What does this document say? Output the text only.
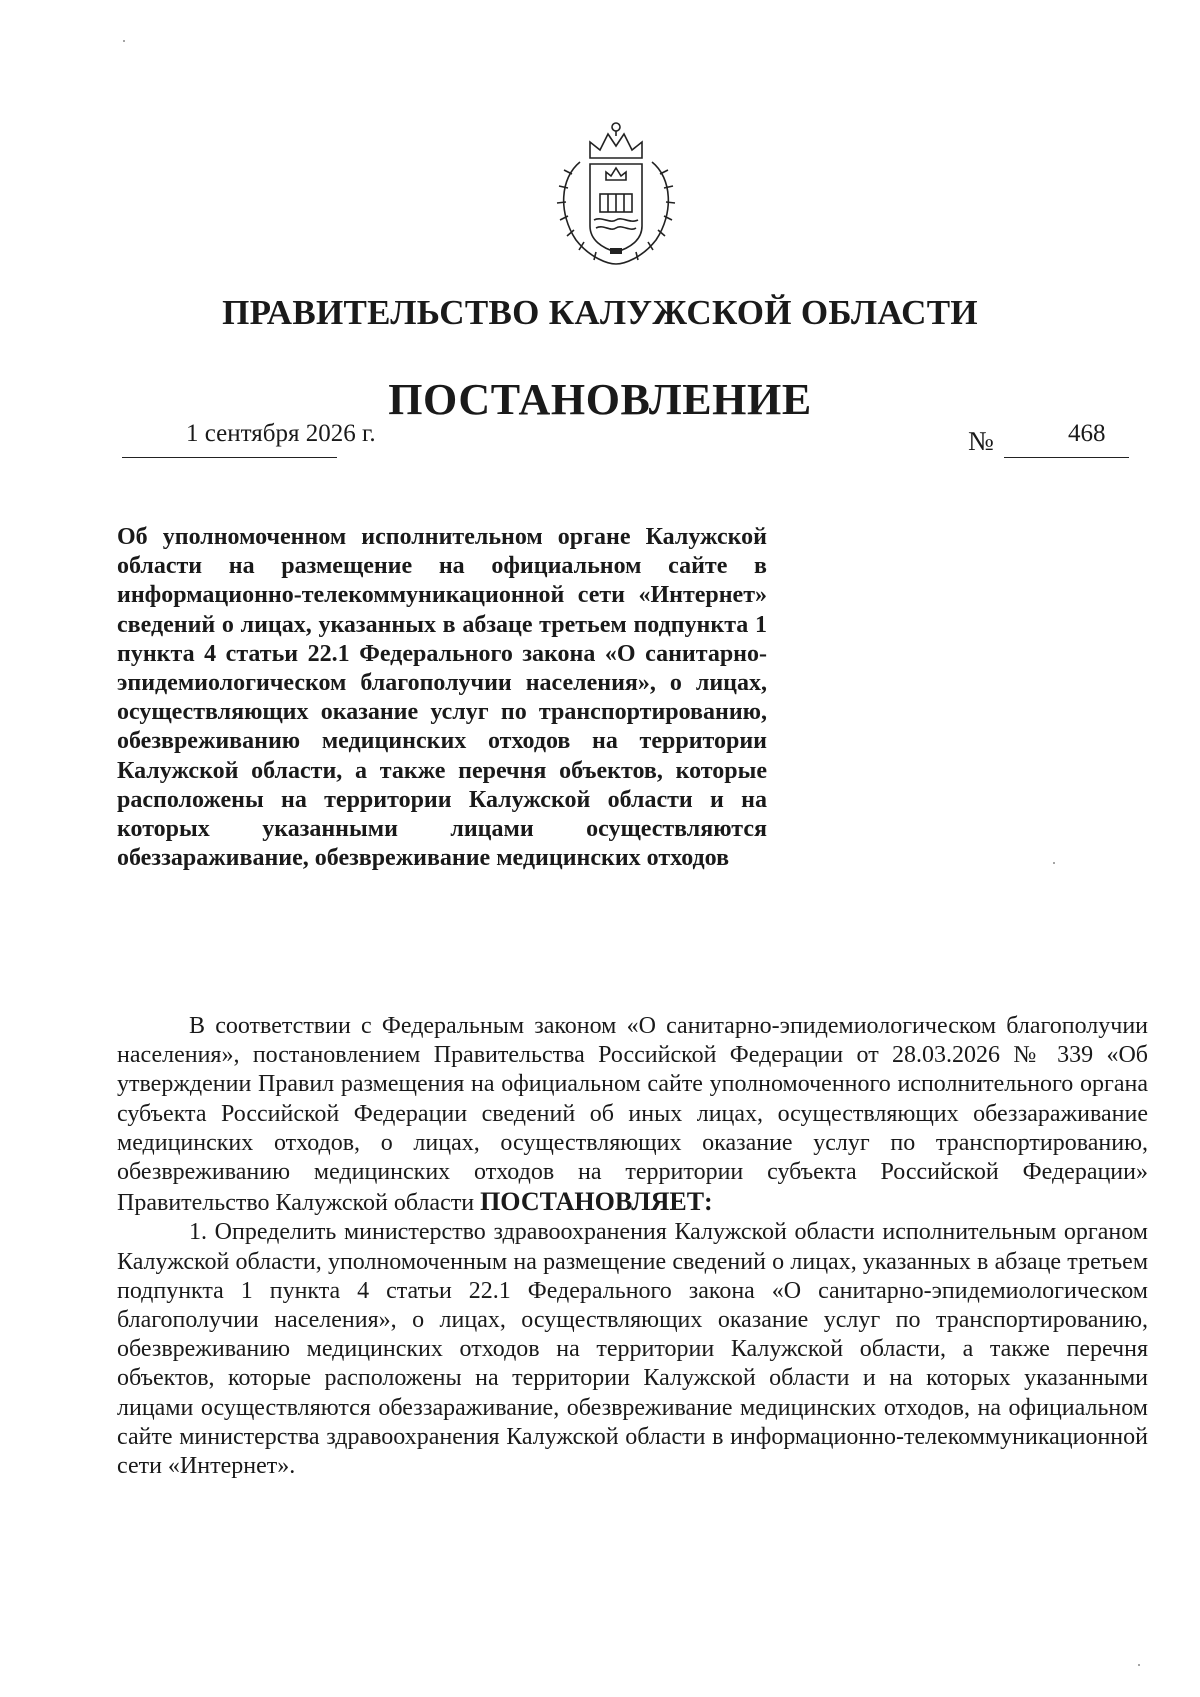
ПРАВИТЕЛЬСТВО КАЛУЖСКОЙ ОБЛАСТИ
ПОСТАНОВЛЕНИЕ
1 сентября 2026 г.	№	468
Об уполномоченном исполнительном органе Калужской области на размещение на официальном сайте в информационно-телекоммуникационной сети «Интернет» сведений о лицах, указанных в абзаце третьем подпункта 1 пункта 4 статьи 22.1 Федерального закона «О санитарно-эпидемиологическом благополучии населения», о лицах, осуществляющих оказание услуг по транспортированию, обезвреживанию медицинских отходов на территории Калужской области, а также перечня объектов, которые расположены на территории Калужской области и на которых указанными лицами осуществляются обеззараживание, обезвреживание медицинских отходов

В соответствии с Федеральным законом «О санитарно-эпидемиологическом благополучии населения», постановлением Правительства Российской Федерации от 28.03.2026 № 339 «Об утверждении Правил размещения на официальном сайте уполномоченного исполнительного органа субъекта Российской Федерации сведений об иных лицах, осуществляющих обеззараживание медицинских отходов, о лицах, осуществляющих оказание услуг по транспортированию, обезвреживанию медицинских отходов на территории субъекта Российской Федерации» Правительство Калужской области ПОСТАНОВЛЯЕТ:

1. Определить министерство здравоохранения Калужской области исполнительным органом Калужской области, уполномоченным на размещение сведений о лицах, указанных в абзаце третьем подпункта 1 пункта 4 статьи 22.1 Федерального закона «О санитарно-эпидемиологическом благополучии населения», о лицах, осуществляющих оказание услуг по транспортированию, обезвреживанию медицинских отходов на территории Калужской области, а также перечня объектов, которые расположены на территории Калужской области и на которых указанными лицами осуществляются обеззараживание, обезвреживание медицинских отходов, на официальном сайте министерства здравоохранения Калужской области в информационно-телекоммуникационной сети «Интернет».
